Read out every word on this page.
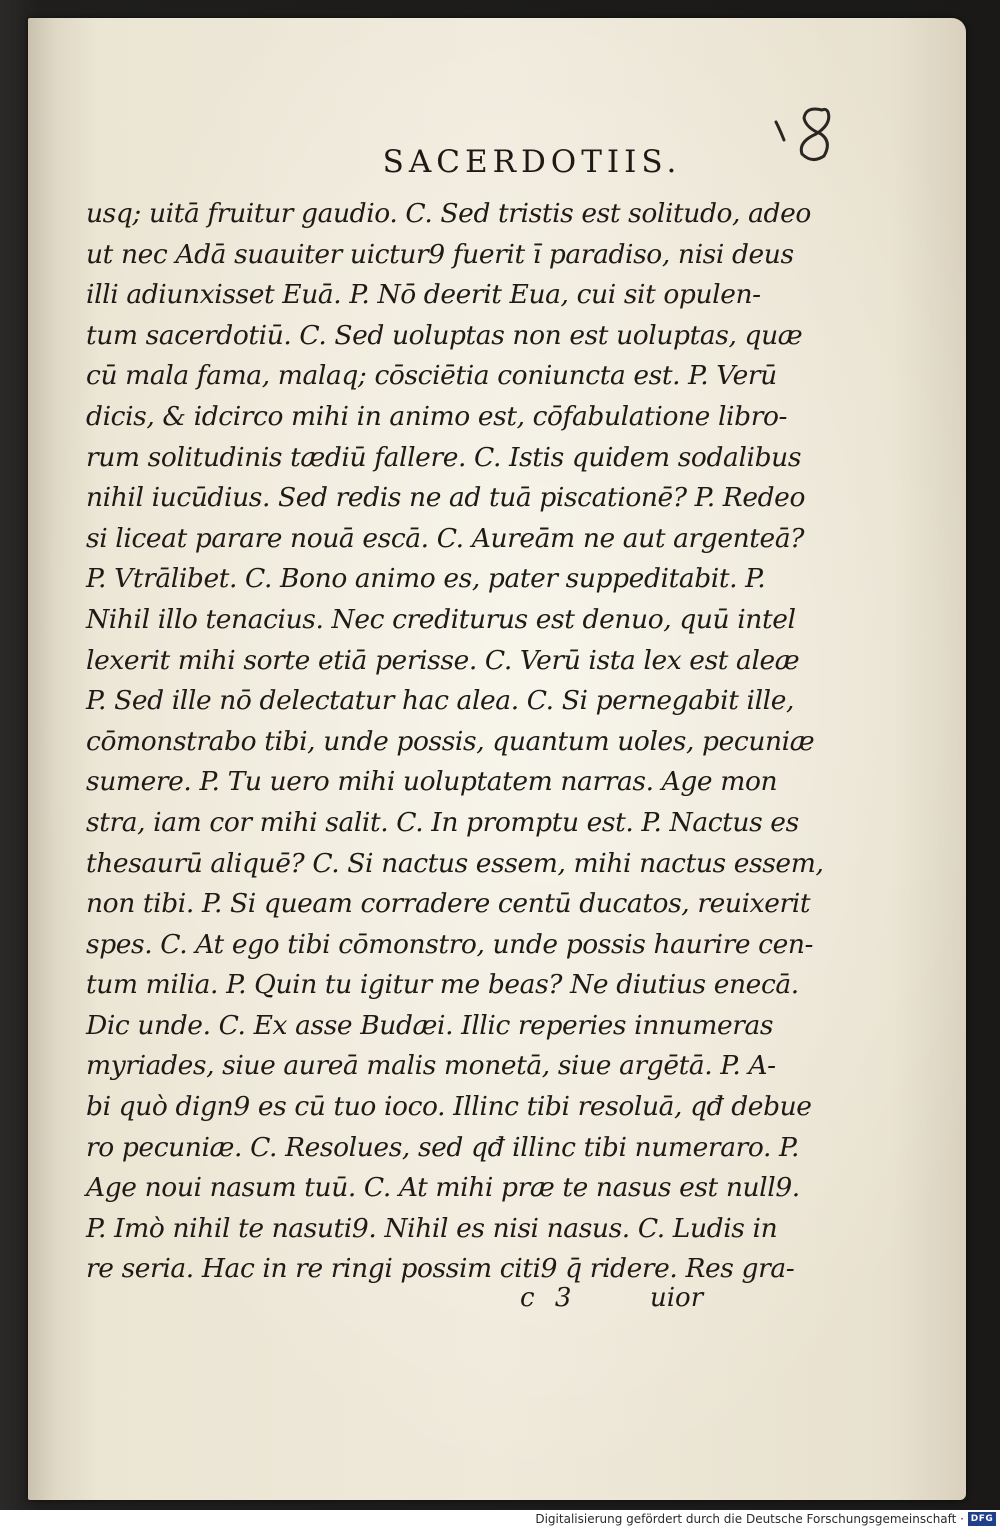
SACERDOTIIS.
usq; uitā fruitur gaudio. C. Sed tristis est solitudo, adeo
ut nec Adā suauiter uictur9 fuerit ī paradiso, nisi deus
illi adiunxisset Euā. P. Nō deerit Eua, cui sit opulen-
tum sacerdotiū. C. Sed uoluptas non est uoluptas, quæ
cū mala fama, malaq; cōsciētia coniuncta est. P. Verū
dicis, & idcirco mihi in animo est, cōfabulatione libro-
rum solitudinis tædiū fallere. C. Istis quidem sodalibus
nihil iucūdius. Sed redis ne ad tuā piscationē? P. Redeo
si liceat parare nouā escā. C. Aureā̄m ne aut argenteā?
P. Vtrālibet. C. Bono animo es, pater suppeditabit. P.
Nihil illo tenacius. Nec crediturus est denuo, quū intel
lexerit mihi sorte etiā perisse. C. Verū ista lex est aleæ
P. Sed ille nō delectatur hac alea. C. Si pernegabit ille,
cōmonstrabo tibi, unde possis, quantum uoles, pecuniæ
sumere. P. Tu uero mihi uoluptatem narras. Age mon
stra, iam cor mihi salit. C. In promptu est. P. Nactus es
thesaurū aliquē? C. Si nactus essem, mihi nactus essem,
non tibi. P. Si queam corradere centū ducatos, reuixerit
spes. C. At ego tibi cōmonstro, unde possis haurire cen-
tum milia. P. Quin tu igitur me beas? Ne diutius enecā.
Dic unde. C. Ex asse Budæi. Illic reperies innumeras
myriades, siue aureā malis monetā, siue argētā. P. A-
bi quò dign9 es cū tuo ioco. Illinc tibi resoluā, qđ debue
ro pecuniæ. C. Resolues, sed qđ illinc tibi numeraro. P.
Age noui nasum tuū. C. At mihi præ te nasus est null9.
P. Imò nihil te nasuti9. Nihil es nisi nasus. C. Ludis in
re seria. Hac in re ringi possim citi9 q̄ ridere. Res gra-
c 3	uior
Digitalisierung gefördert durch die Deutsche Forschungsgemeinschaft · DFG
